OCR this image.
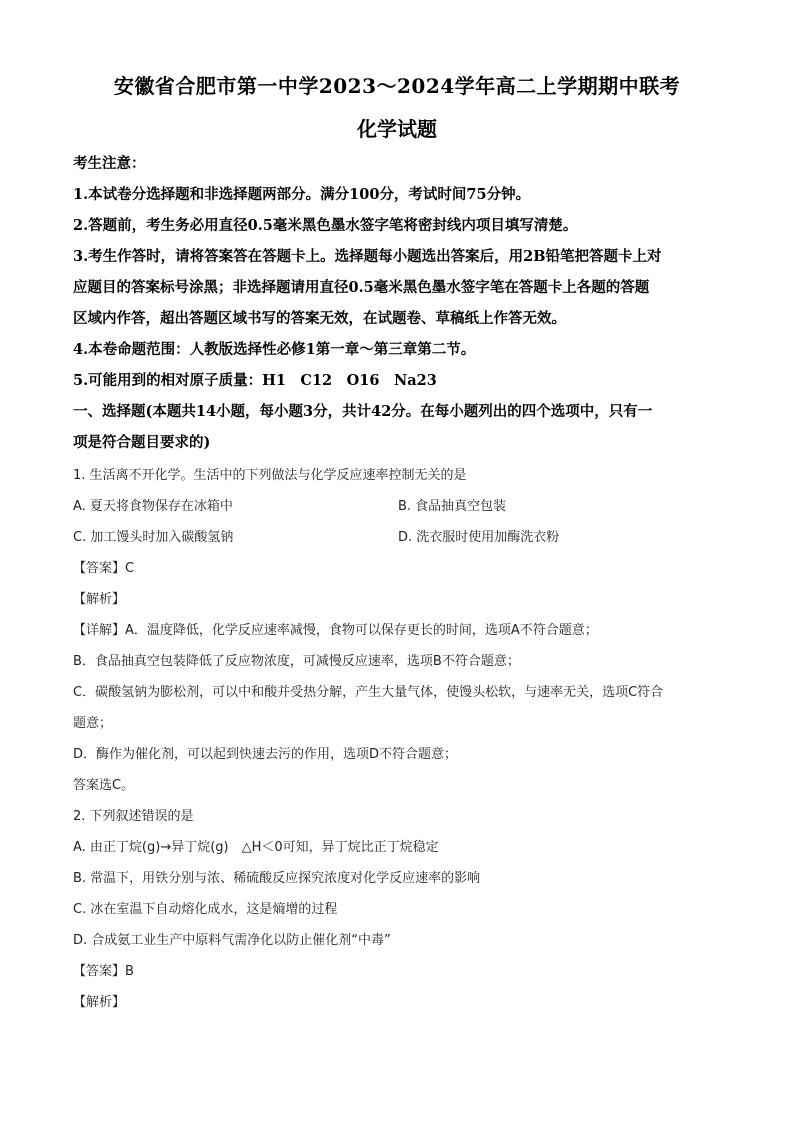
安徽省合肥市第一中学2023～2024学年高二上学期期中联考
化学试题
考生注意：
1.本试卷分选择题和非选择题两部分。满分100分，考试时间75分钟。
2.答题前，考生务必用直径0.5毫米黑色墨水签字笔将密封线内项目填写清楚。
3.考生作答时，请将答案答在答题卡上。选择题每小题选出答案后，用2B铅笔把答题卡上对
应题目的答案标号涂黑；非选择题请用直径0.5毫米黑色墨水签字笔在答题卡上各题的答题
区域内作答，超出答题区域书写的答案无效，在试题卷、草稿纸上作答无效。
4.本卷命题范围：人教版选择性必修1第一章～第三章第二节。
5.可能用到的相对原子质量：H1　C12　O16　Na23
一、选择题(本题共14小题，每小题3分，共计42分。在每小题列出的四个选项中，只有一
项是符合题目要求的)
1. 生活离不开化学。生活中的下列做法与化学反应速率控制无关的是
A. 夏天将食物保存在冰箱中	B. 食品抽真空包装
C. 加工馒头时加入碳酸氢钠	D. 洗衣服时使用加酶洗衣粉
【答案】C
【解析】
【详解】A．温度降低，化学反应速率减慢，食物可以保存更长的时间，选项A不符合题意；
B．食品抽真空包装降低了反应物浓度，可减慢反应速率，选项B不符合题意；
C．碳酸氢钠为膨松剂，可以中和酸并受热分解，产生大量气体，使馒头松软，与速率无关，选项C符合
题意；
D．酶作为催化剂，可以起到快速去污的作用，选项D不符合题意；
答案选C。
2. 下列叙述错误的是
A. 由正丁烷(g)→异丁烷(g)　△H＜0可知，异丁烷比正丁烷稳定
B. 常温下，用铁分别与浓、稀硫酸反应探究浓度对化学反应速率的影响
C. 冰在室温下自动熔化成水，这是熵增的过程
D. 合成氨工业生产中原料气需净化以防止催化剂“中毒”
【答案】B
【解析】
